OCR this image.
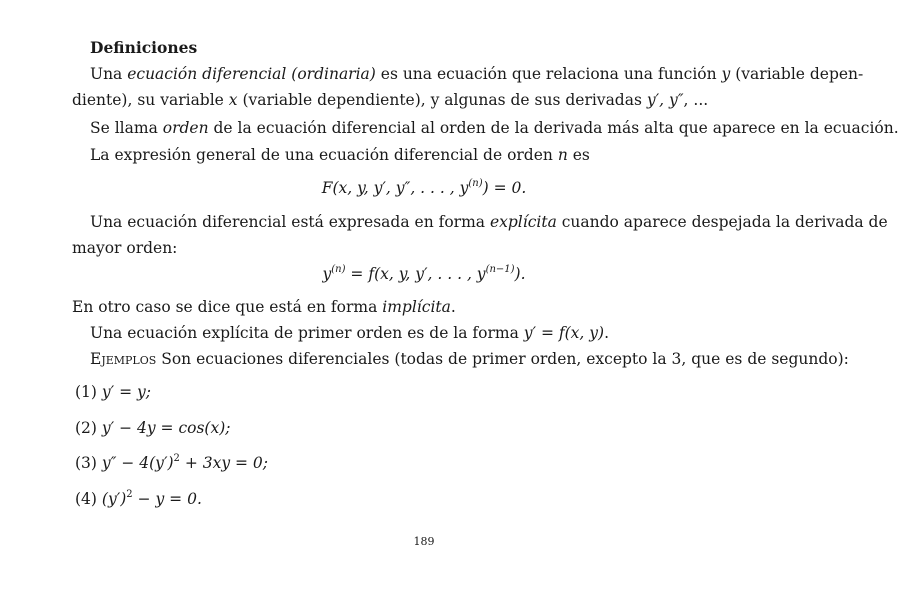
Definiciones
Una ecuación diferencial (ordinaria) es una ecuación que relaciona una función y (variable depen-
diente), su variable x (variable dependiente), y algunas de sus derivadas y′, y″, ...
Se llama orden de la ecuación diferencial al orden de la derivada más alta que aparece en la ecuación.
La expresión general de una ecuación diferencial de orden n es
F(x, y, y′, y″, . . . , $y^{(n)}) = 0$.
Una ecuación diferencial está expresada en forma explícita cuando aparece despejada la derivada de
mayor orden:
$y^{(n)} = f(x$, y, y′, . . . , $y^{(n-1)}$).
En otro caso se dice que está en forma implícita.
Una ecuación explícita de primer orden es de la forma y′ = f(x, y).
Ejemplos Son ecuaciones diferenciales (todas de primer orden, excepto la 3, que es de segundo):
(1) y′ = y;
(2) y′ − 4y = cos(x);
(3) $y'' - 4(y')^2 + 3xy = 0$;
(4) $(y')^2 - y = 0$.
189
